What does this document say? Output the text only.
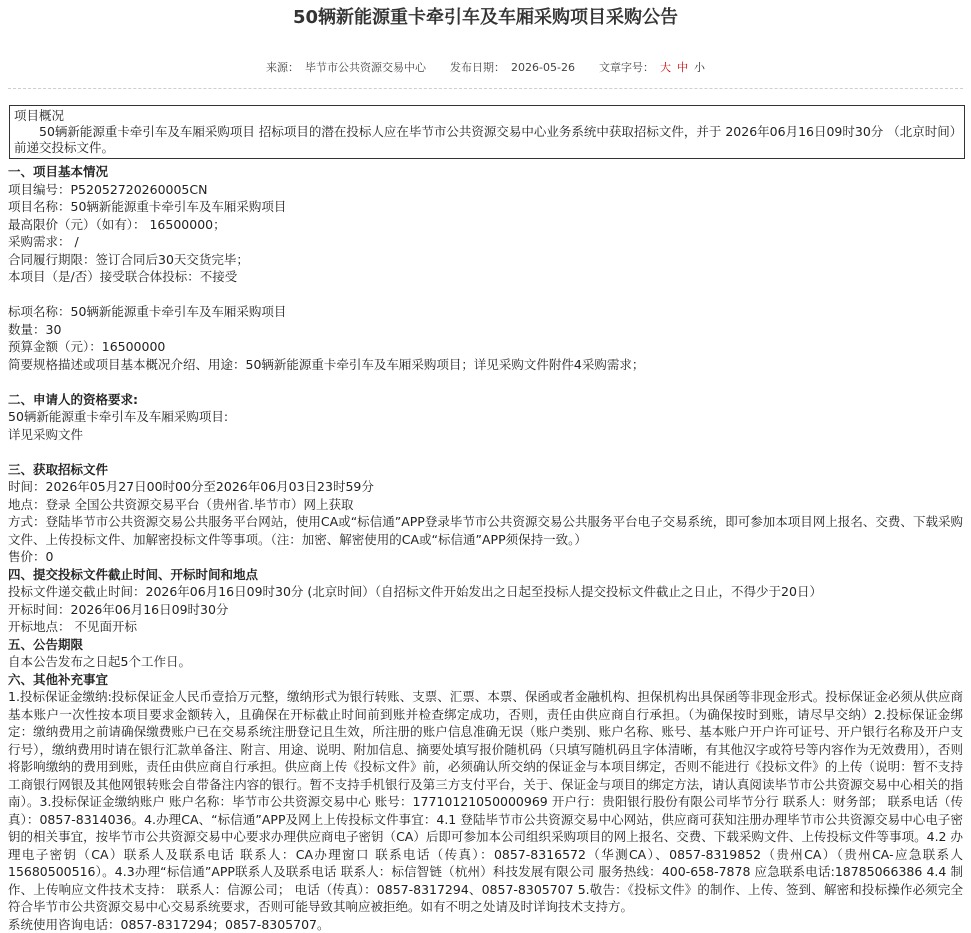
50辆新能源重卡牵引车及车厢采购项目采购公告
来源： 毕节市公共资源交易中心 发布日期： 2026-05-26 文章字号： 大 中 小
项目概况
50辆新能源重卡牵引车及车厢采购项目 招标项目的潜在投标人应在毕节市公共资源交易中心业务系统中获取招标文件，并于 2026年06月16日09时30分 （北京时间）前递交投标文件。

一、项目基本情况

项目编号：P52052720260005CN

项目名称：50辆新能源重卡牵引车及车厢采购项目

最高限价（元）（如有）： 16500000；

采购需求： /

合同履行期限：签订合同后30天交货完毕；

本项目（是/否）接受联合体投标：不接受

标项名称：50辆新能源重卡牵引车及车厢采购项目

数量：30

预算金额（元）：16500000

简要规格描述或项目基本概况介绍、用途：50辆新能源重卡牵引车及车厢采购项目；详见采购文件附件4采购需求；

二、申请人的资格要求:

50辆新能源重卡牵引车及车厢采购项目:

详见采购文件

三、获取招标文件

时间：2026年05月27日00时00分至2026年06月03日23时59分

地点：登录 全国公共资源交易平台（贵州省.毕节市）网上获取

方式：登陆毕节市公共资源交易公共服务平台网站，使用CA或“标信通”APP登录毕节市公共资源交易公共服务平台电子交易系统，即可参加本项目网上报名、交费、下载采购文件、上传投标文件、加解密投标文件等事项。（注：加密、解密使用的CA或“标信通”APP须保持一致。）

售价：0

四、提交投标文件截止时间、开标时间和地点

投标文件递交截止时间：2026年06月16日09时30分 (北京时间）（自招标文件开始发出之日起至投标人提交投标文件截止之日止，不得少于20日）

开标时间：2026年06月16日09时30分

开标地点： 不见面开标

五、公告期限

自本公告发布之日起5个工作日。

六、其他补充事宜

1.投标保证金缴纳:投标保证金人民币壹拾万元整，缴纳形式为银行转账、支票、汇票、本票、保函或者金融机构、担保机构出具保函等非现金形式。投标保证金必须从供应商基本账户一次性按本项目要求金额转入，且确保在开标截止时间前到账并检查绑定成功，否则，责任由供应商自行承担。（为确保按时到账，请尽早交纳）2.投标保证金绑定：缴纳费用之前请确保缴费账户已在交易系统注册登记且生效，所注册的账户信息准确无误（账户类别、账户名称、账号、基本账户开户许可证号、开户银行名称及开户支行号），缴纳费用时请在银行汇款单备注、附言、用途、说明、附加信息、摘要处填写报价随机码（只填写随机码且字体清晰，有其他汉字或符号等内容作为无效费用），否则将影响缴纳的费用到账，责任由供应商自行承担。供应商上传《投标文件》前，必须确认所交纳的保证金与本项目绑定，否则不能进行《投标文件》的上传（说明：暂不支持工商银行网银及其他网银转账会自带备注内容的银行。暂不支持手机银行及第三方支付平台，关于、保证金与项目的绑定方法，请认真阅读毕节市公共资源交易中心相关的指南）。3.投标保证金缴纳账户 账户名称：毕节市公共资源交易中心 账号：17710121050000969 开户行：贵阳银行股份有限公司毕节分行 联系人：财务部； 联系电话（传真）：0857-8314036。4.办理CA、“标信通”APP及网上上传投标文件事宜：4.1 登陆毕节市公共资源交易中心网站，供应商可获知注册办理毕节市公共资源交易中心电子密钥的相关事宜，按毕节市公共资源交易中心要求办理供应商电子密钥（CA）后即可参加本公司组织采购项目的网上报名、交费、下载采购文件、上传投标文件等事项。4.2 办理电子密钥（CA）联系人及联系电话 联系人：CA办理窗口 联系电话（传真）：0857-8316572（华测CA）、0857-8319852（贵州CA）（贵州CA-应急联系人15680500516）。4.3办理“标信通”APP联系人及联系电话 联系人：标信智链（杭州）科技发展有限公司 服务热线：400-658-7878 应急联系电话:18785066386 4.4 制作、上传响应文件技术支持： 联系人：信源公司； 电话（传真）：0857-8317294、0857-8305707 5.敬告：《投标文件》的制作、上传、签到、解密和投标操作必须完全符合毕节市公共资源交易中心交易系统要求，否则可能导致其响应被拒绝。如有不明之处请及时详询技术支持方。

系统使用咨询电话：0857-8317294；0857-8305707。
